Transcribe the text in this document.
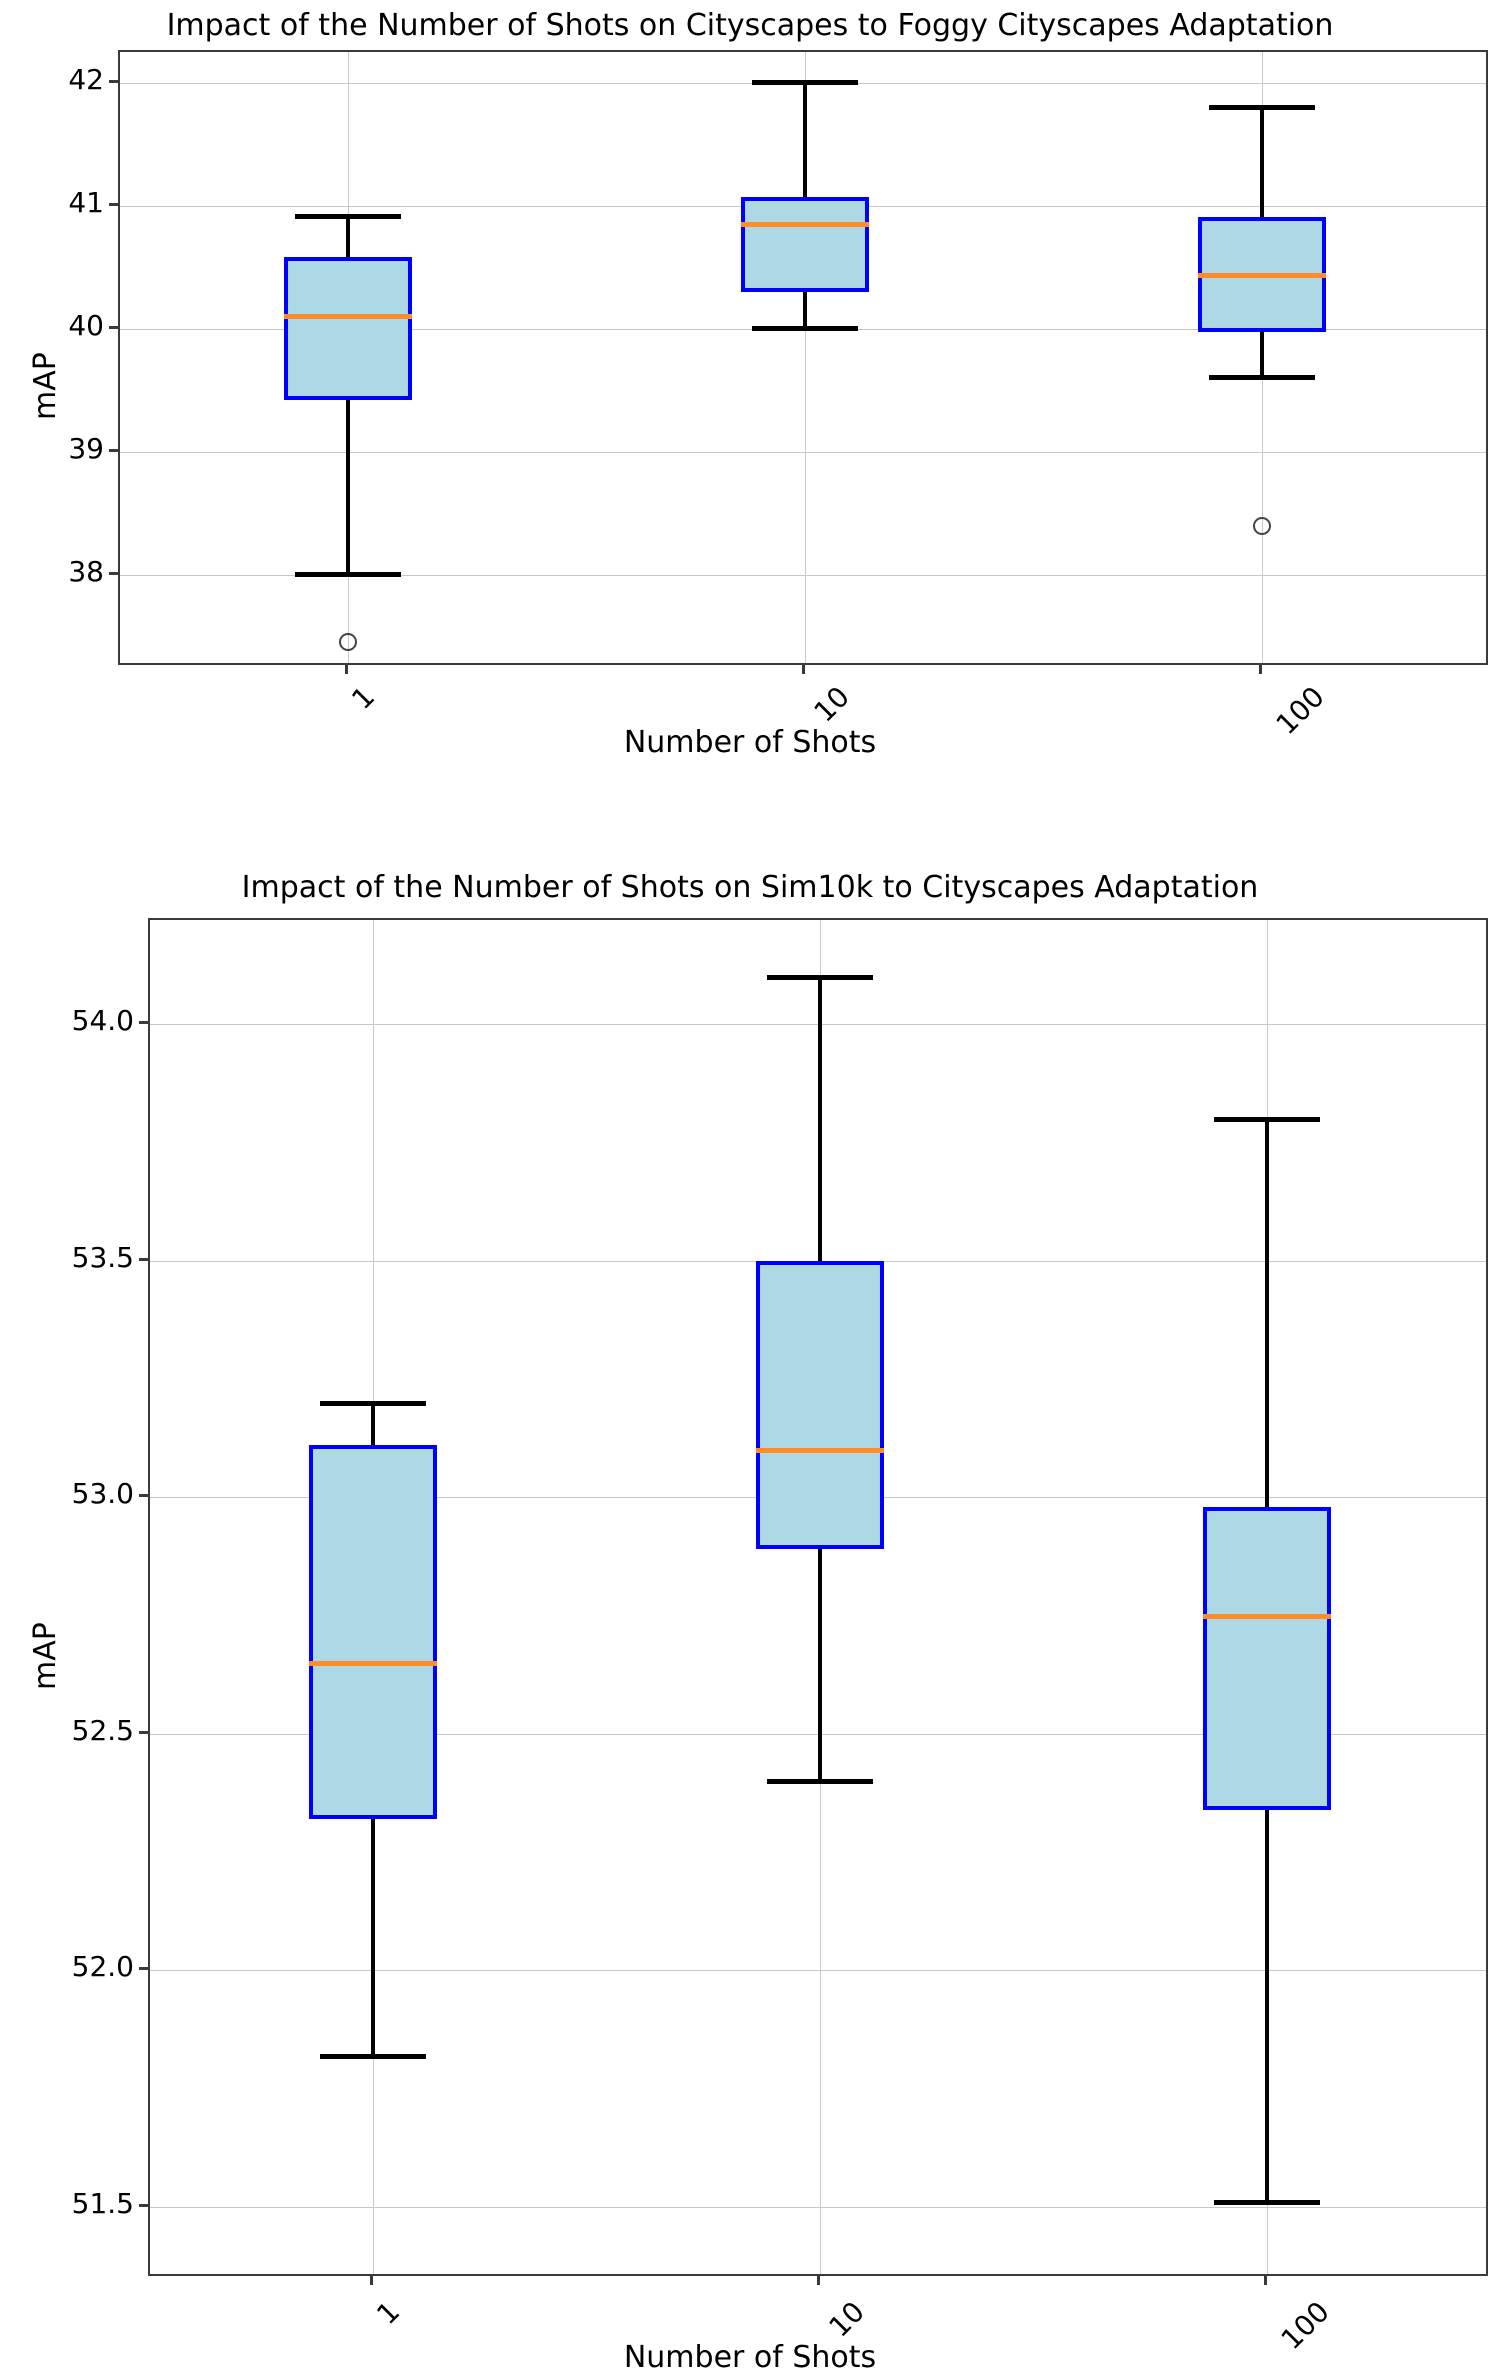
Impact of the Number of Shots on Cityscapes to Foggy Cityscapes Adaptation
mAP
Number of Shots
38
39
40
41
42
1	10	100
Impact of the Number of Shots on Sim10k to Cityscapes Adaptation
mAP
Number of Shots
51.5
52.0
52.5
53.0
53.5
54.0
1	10	100
